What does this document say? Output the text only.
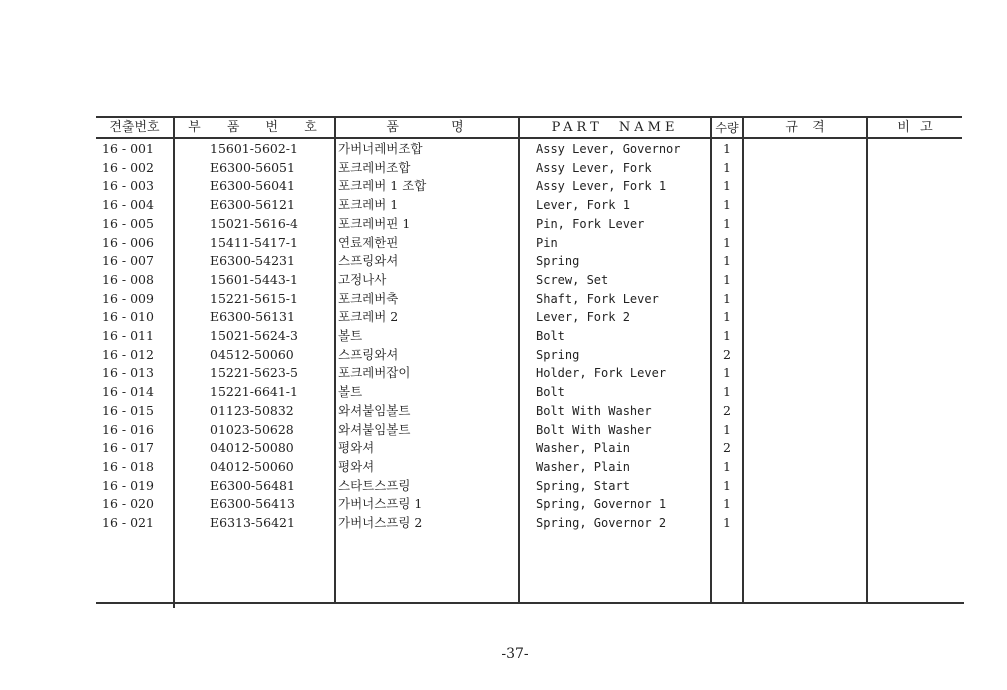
견출번호	부 품 번 호	품 명	PART NAME	수량	규 격	비 고
16 - 001	15601-5602-1	가버너레버조합	Assy Lever, Governor	1
16 - 002	E6300-56051	포크레버조합	Assy Lever, Fork	1
16 - 003	E6300-56041	포크레버 1 조합	Assy Lever, Fork 1	1
16 - 004	E6300-56121	포크레버 1	Lever, Fork 1	1
16 - 005	15021-5616-4	포크레버핀 1	Pin, Fork Lever	1
16 - 006	15411-5417-1	연료제한핀	Pin	1
16 - 007	E6300-54231	스프링와셔	Spring	1
16 - 008	15601-5443-1	고정나사	Screw, Set	1
16 - 009	15221-5615-1	포크레버축	Shaft, Fork Lever	1
16 - 010	E6300-56131	포크레버 2	Lever, Fork 2	1
16 - 011	15021-5624-3	볼트	Bolt	1
16 - 012	04512-50060	스프링와셔	Spring	2
16 - 013	15221-5623-5	포크레버잡이	Holder, Fork Lever	1
16 - 014	15221-6641-1	볼트	Bolt	1
16 - 015	01123-50832	와셔붙임볼트	Bolt With Washer	2
16 - 016	01023-50628	와셔붙임볼트	Bolt With Washer	1
16 - 017	04012-50080	평와셔	Washer, Plain	2
16 - 018	04012-50060	평와셔	Washer, Plain	1
16 - 019	E6300-56481	스타트스프링	Spring, Start	1
16 - 020	E6300-56413	가버너스프링 1	Spring, Governor 1	1
16 - 021	E6313-56421	가버너스프링 2	Spring, Governor 2	1
-37-
